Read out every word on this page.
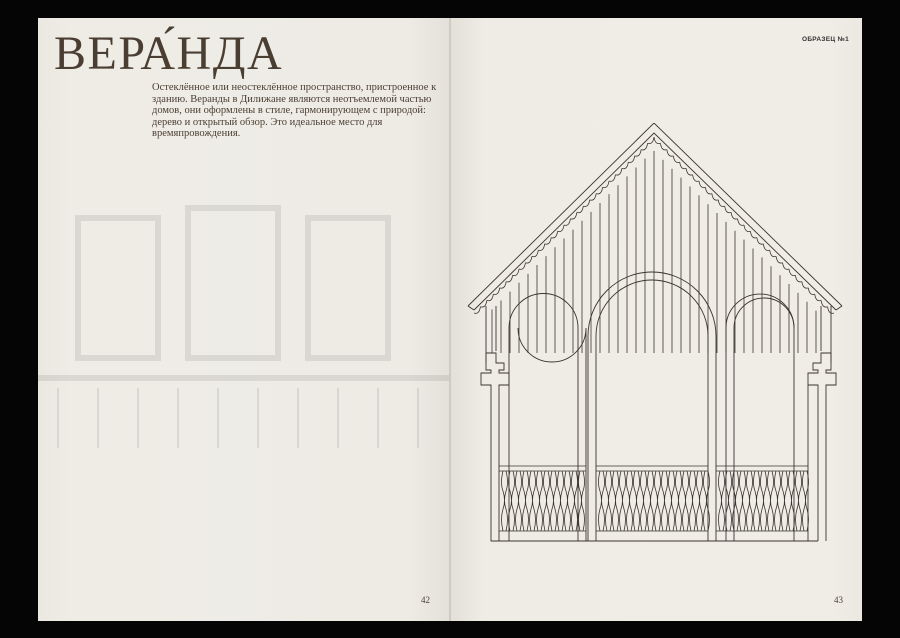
ВЕРА́НДА

Остеклённое или неостеклённое пространство, пристроенное к зданию. Веранды в Дилижане являются неотъемлемой частью домов, они оформлены в стиле, гармонирующем с природой: дерево и открытый обзор. Это идеальное место для времяпровождения.

42
ОБРАЗЕЦ №1
43
